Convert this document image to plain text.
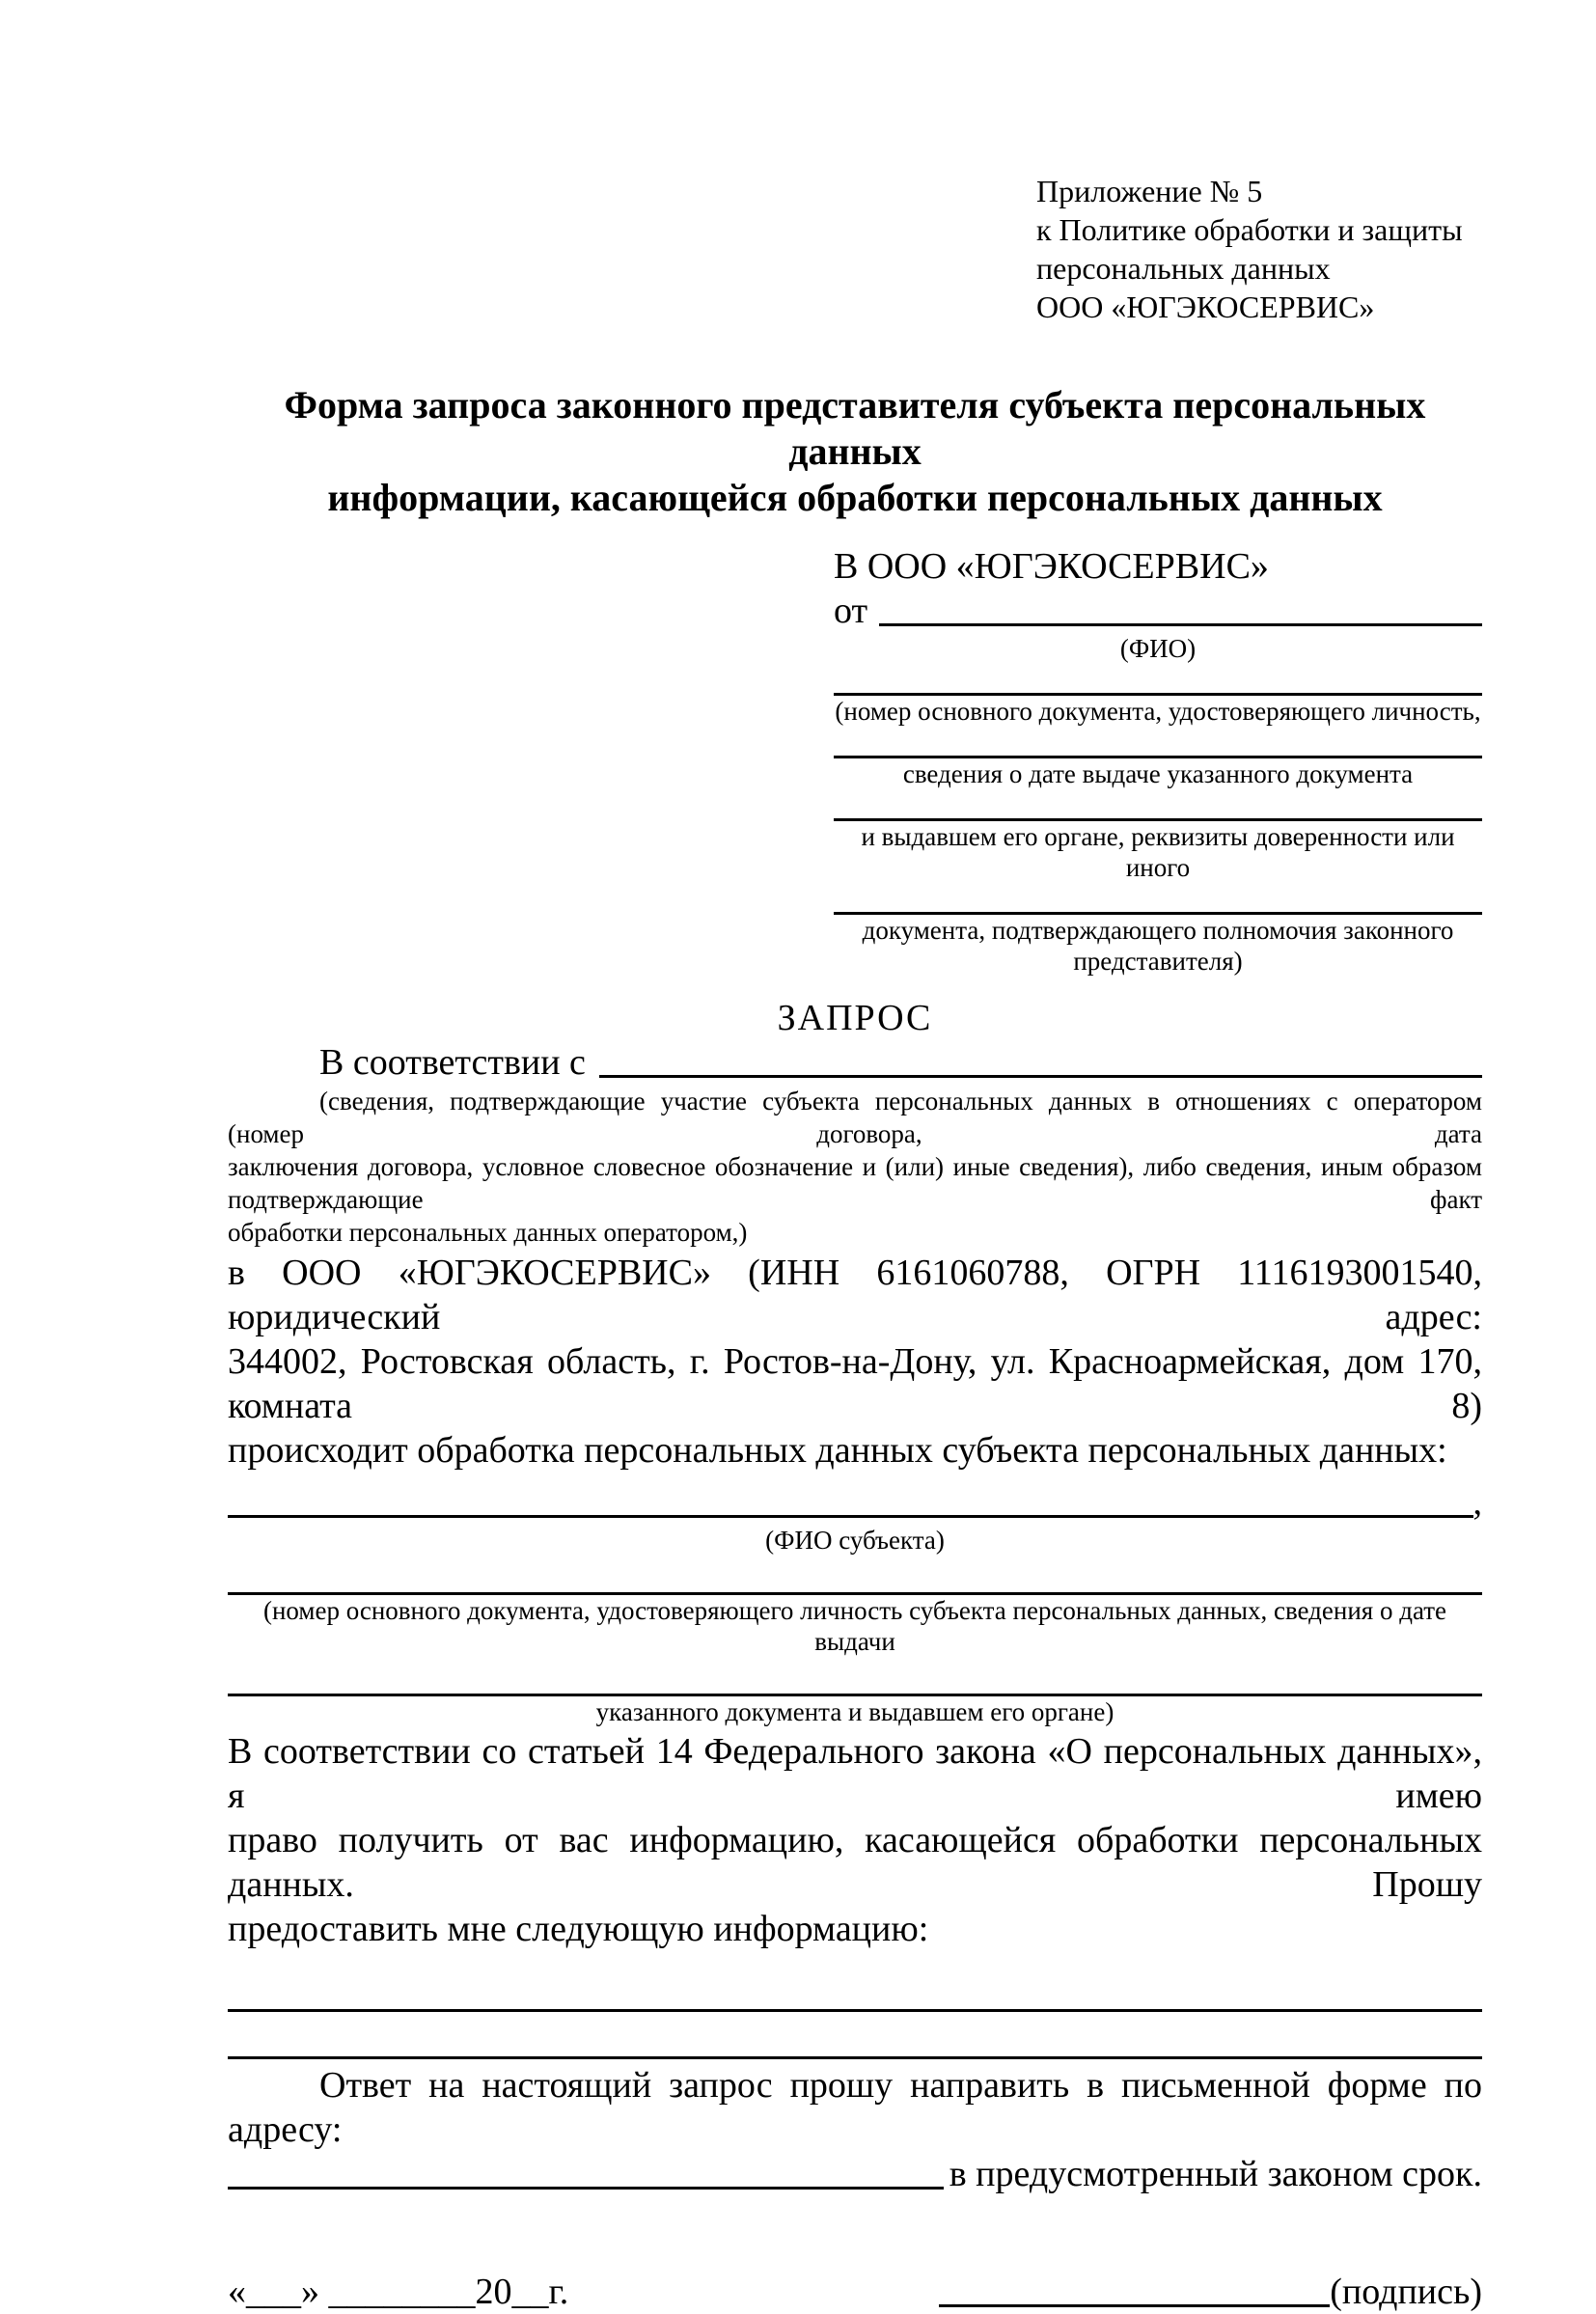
Приложение № 5
к Политике обработки и защиты
персональных данных
ООО «ЮГЭКОСЕРВИС»
Форма запроса законного представителя субъекта персональных данных
информации, касающейся обработки персональных данных
В ООО «ЮГЭКОСЕРВИС»
от
(ФИО)
(номер основного документа, удостоверяющего личность,
сведения о дате выдаче указанного документа
и выдавшем его органе, реквизиты доверенности или иного
документа, подтверждающего полномочия законного представителя)
ЗАПРОС
В соответствии с
(сведения, подтверждающие участие субъекта персональных данных в отношениях с оператором (номер договора, дата
заключения договора, условное словесное обозначение и (или) иные сведения), либо сведения, иным образом подтверждающие факт
обработки персональных данных оператором,)
в ООО «ЮГЭКОСЕРВИС» (ИНН 6161060788, ОГРН 1116193001540, юридический адрес:
344002, Ростовская область, г. Ростов-на-Дону, ул. Красноармейская, дом 170, комната 8)
происходит обработка персональных данных субъекта персональных данных:
,
(ФИО субъекта)
(номер основного документа, удостоверяющего личность субъекта персональных данных, сведения о дате выдачи
указанного документа и выдавшем его органе)
В соответствии со статьей 14 Федерального закона «О персональных данных», я имею
право получить от вас информацию, касающейся обработки персональных данных. Прошу
предоставить мне следующую информацию:
Ответ на настоящий запрос прошу направить в письменной форме по адресу:
в предусмотренный законом срок.
«___» ________20__г.	(подпись)
